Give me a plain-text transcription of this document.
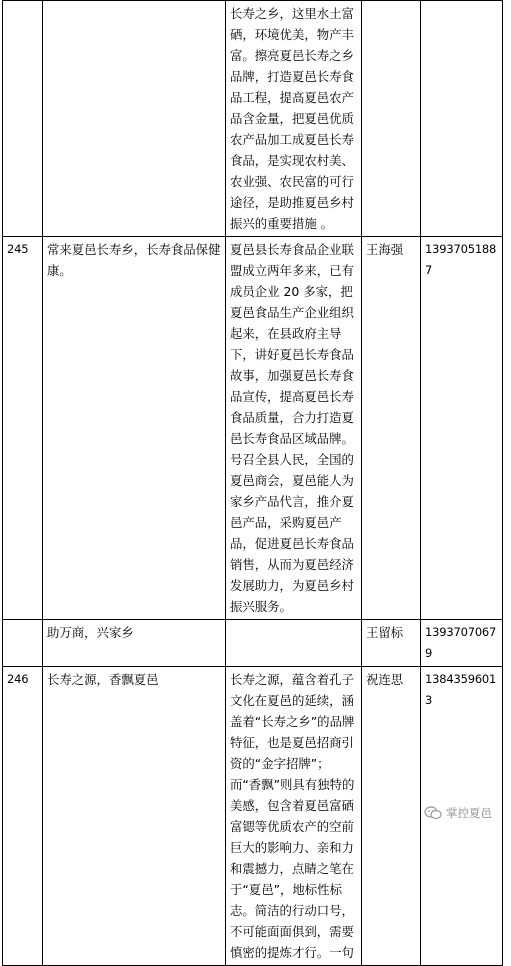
		长寿之乡，这里水土富硒，环境优美，物产丰富。擦亮夏邑长寿之乡品牌，打造夏邑长寿食品工程，提高夏邑农产品含金量，把夏邑优质农产品加工成夏邑长寿食品，是实现农村美、农业强、农民富的可行途径，是助推夏邑乡村振兴的重要措施 。		
245	常来夏邑长寿乡，长寿食品保健康。	夏邑县长寿食品企业联盟成立两年多来，已有成员企业 20 多家，把夏邑食品生产企业组织起来，在县政府主导下，讲好夏邑长寿食品故事，加强夏邑长寿食品宣传，提高夏邑长寿食品质量，合力打造夏邑长寿食品区域品牌。号召全县人民，全国的夏邑商会，夏邑能人为家乡产品代言，推介夏邑产品，采购夏邑产品，促进夏邑长寿食品销售，从而为夏邑经济发展助力，为夏邑乡村振兴服务。	王海强	13937051887
	助万商，兴家乡		王留标	13937070679
246	长寿之源，香飘夏邑	长寿之源，蕴含着孔子文化在夏邑的延续，涵盖着“长寿之乡”的品牌特征，也是夏邑招商引资的“金字招牌”；而“香飘”则具有独特的美感，包含着夏邑富硒富锶等优质农产的空前巨大的影响力、亲和力和震撼力，点睛之笔在于“夏邑”，地标性标志。简洁的行动口号，不可能面面俱到，需要慎密的提炼才行。一句	祝连思	13843596013
掌控夏邑
